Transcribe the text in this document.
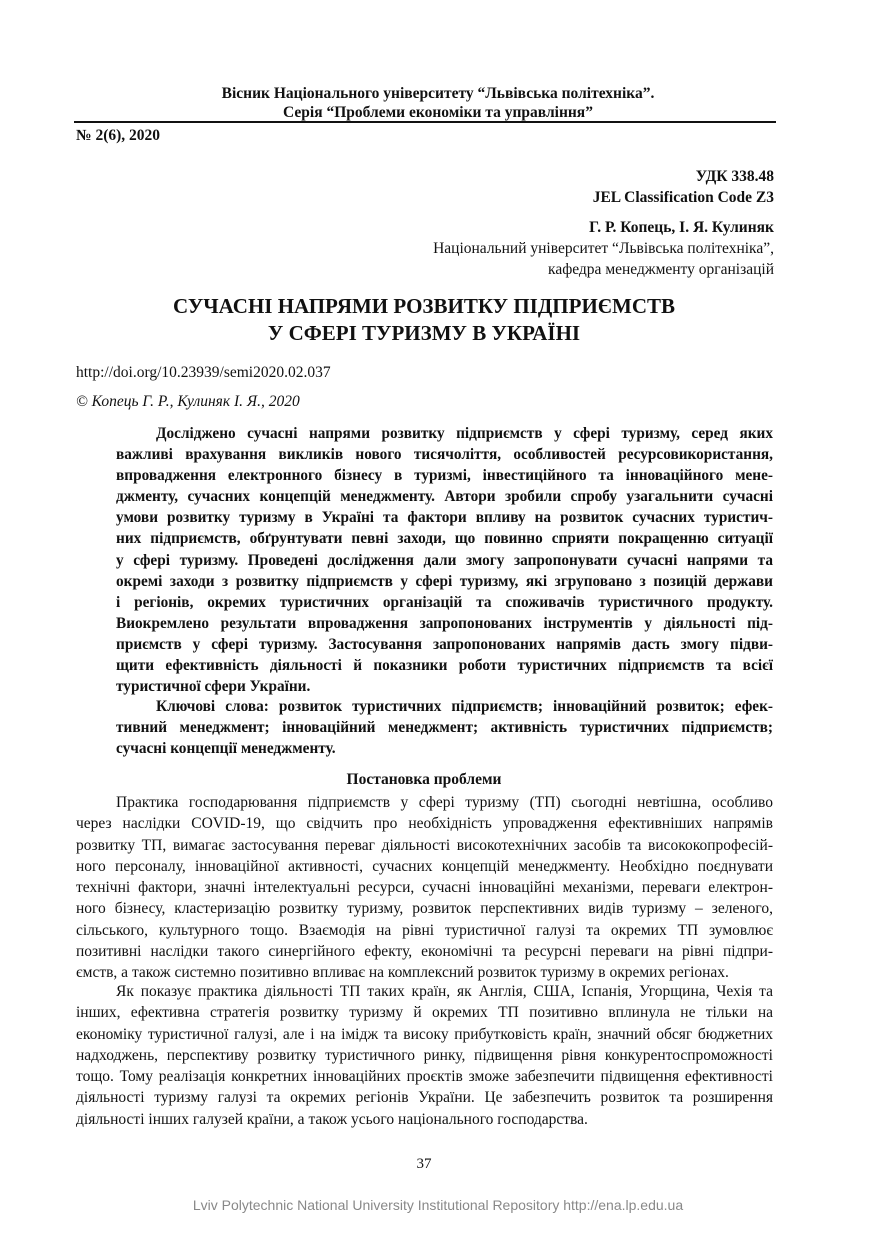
Вісник Національного університету “Львівська політехніка”.
Серія “Проблеми економіки та управління”
№ 2(6), 2020
УДК 338.48
JEL Classification Code Z3
Г. Р. Копець, І. Я. Кулиняк
Національний університет “Львівська політехніка”,
кафедра менеджменту організацій
СУЧАСНІ НАПРЯМИ РОЗВИТКУ ПІДПРИЄМСТВ
У СФЕРІ ТУРИЗМУ В УКРАЇНІ
http://doi.org/10.23939/semi2020.02.037
© Копець Г. Р., Кулиняк І. Я., 2020

Досліджено сучасні напрями розвитку підприємств у сфері туризму, серед яких

важливі врахування викликів нового тисячоліття, особливостей ресурсовикористання,

впровадження електронного бізнесу в туризмі, інвестиційного та інноваційного мене-

джменту, сучасних концепцій менеджменту. Автори зробили спробу узагальнити сучасні

умови розвитку туризму в Україні та фактори впливу на розвиток сучасних туристич-

них підприємств, обґрунтувати певні заходи, що повинно сприяти покращенню ситуації

у сфері туризму. Проведені дослідження дали змогу запропонувати сучасні напрями та

окремі заходи з розвитку підприємств у сфері туризму, які згруповано з позицій держави

і регіонів, окремих туристичних організацій та споживачів туристичного продукту.

Виокремлено результати впровадження запропонованих інструментів у діяльності під-

приємств у сфері туризму. Застосування запропонованих напрямів дасть змогу підви-

щити ефективність діяльності й показники роботи туристичних підприємств та всієї

туристичної сфери України.

Ключові слова: розвиток туристичних підприємств; інноваційний розвиток; ефек-

тивний менеджмент; інноваційний менеджмент; активність туристичних підприємств;

сучасні концепції менеджменту.

Постановка проблеми

Практика господарювання підприємств у сфері туризму (ТП) сьогодні невтішна, особливо

через наслідки COVID-19, що свідчить про необхідність упровадження ефективніших напрямів

розвитку ТП, вимагає застосування переваг діяльності високотехнічних засобів та висококопрофесій-

ного персоналу, інноваційної активності, сучасних концепцій менеджменту. Необхідно поєднувати

технічні фактори, значні інтелектуальні ресурси, сучасні інноваційні механізми, переваги електрон-

ного бізнесу, кластеризацію розвитку туризму, розвиток перспективних видів туризму – зеленого,

сільського, культурного тощо. Взаємодія на рівні туристичної галузі та окремих ТП зумовлює

позитивні наслідки такого синергійного ефекту, економічні та ресурсні переваги на рівні підпри-

ємств, а також системно позитивно впливає на комплексний розвиток туризму в окремих регіонах.

Як показує практика діяльності ТП таких країн, як Англія, США, Іспанія, Угорщина, Чехія та

інших, ефективна стратегія розвитку туризму й окремих ТП позитивно вплинула не тільки на

економіку туристичної галузі, але і на імідж та високу прибутковість країн, значний обсяг бюджетних

надходжень, перспективу розвитку туристичного ринку, підвищення рівня конкурентоспроможності

тощо. Тому реалізація конкретних інноваційних проєктів зможе забезпечити підвищення ефективності

діяльності туризму галузі та окремих регіонів України. Це забезпечить розвиток та розширення

діяльності інших галузей країни, а також усього національного господарства.

37
Lviv Polytechnic National University Institutional Repository http://ena.lp.edu.ua
